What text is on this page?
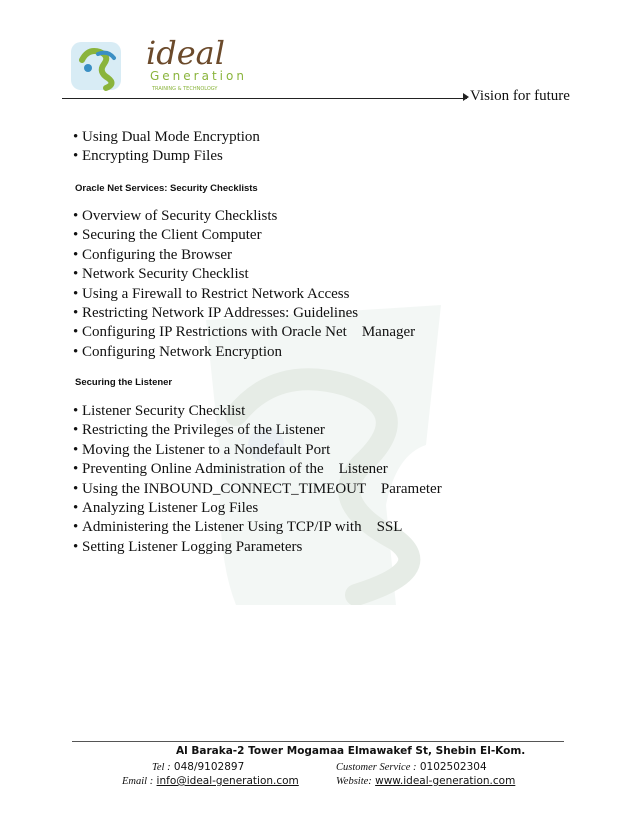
ideal
Generation
TRAINING & TECHNOLOGY	Vision for future
• Using Dual Mode Encryption
• Encrypting Dump Files

Oracle Net Services: Security Checklists

• Overview of Security Checklists
• Securing the Client Computer
• Configuring the Browser
• Network Security Checklist
• Using a Firewall to Restrict Network Access
• Restricting Network IP Addresses: Guidelines
• Configuring IP Restrictions with Oracle Net    Manager
• Configuring Network Encryption

Securing the Listener

• Listener Security Checklist
• Restricting the Privileges of the Listener
• Moving the Listener to a Nondefault Port
• Preventing Online Administration of the    Listener
• Using the INBOUND_CONNECT_TIMEOUT    Parameter
• Analyzing Listener Log Files
• Administering the Listener Using TCP/IP with    SSL
• Setting Listener Logging Parameters
Al Baraka-2 Tower Mogamaa Elmawakef St, Shebin El-Kom.
Tel : 048/9102897	Customer Service : 0102502304
Email : info@ideal-generation.com	Website: www.ideal-generation.com
